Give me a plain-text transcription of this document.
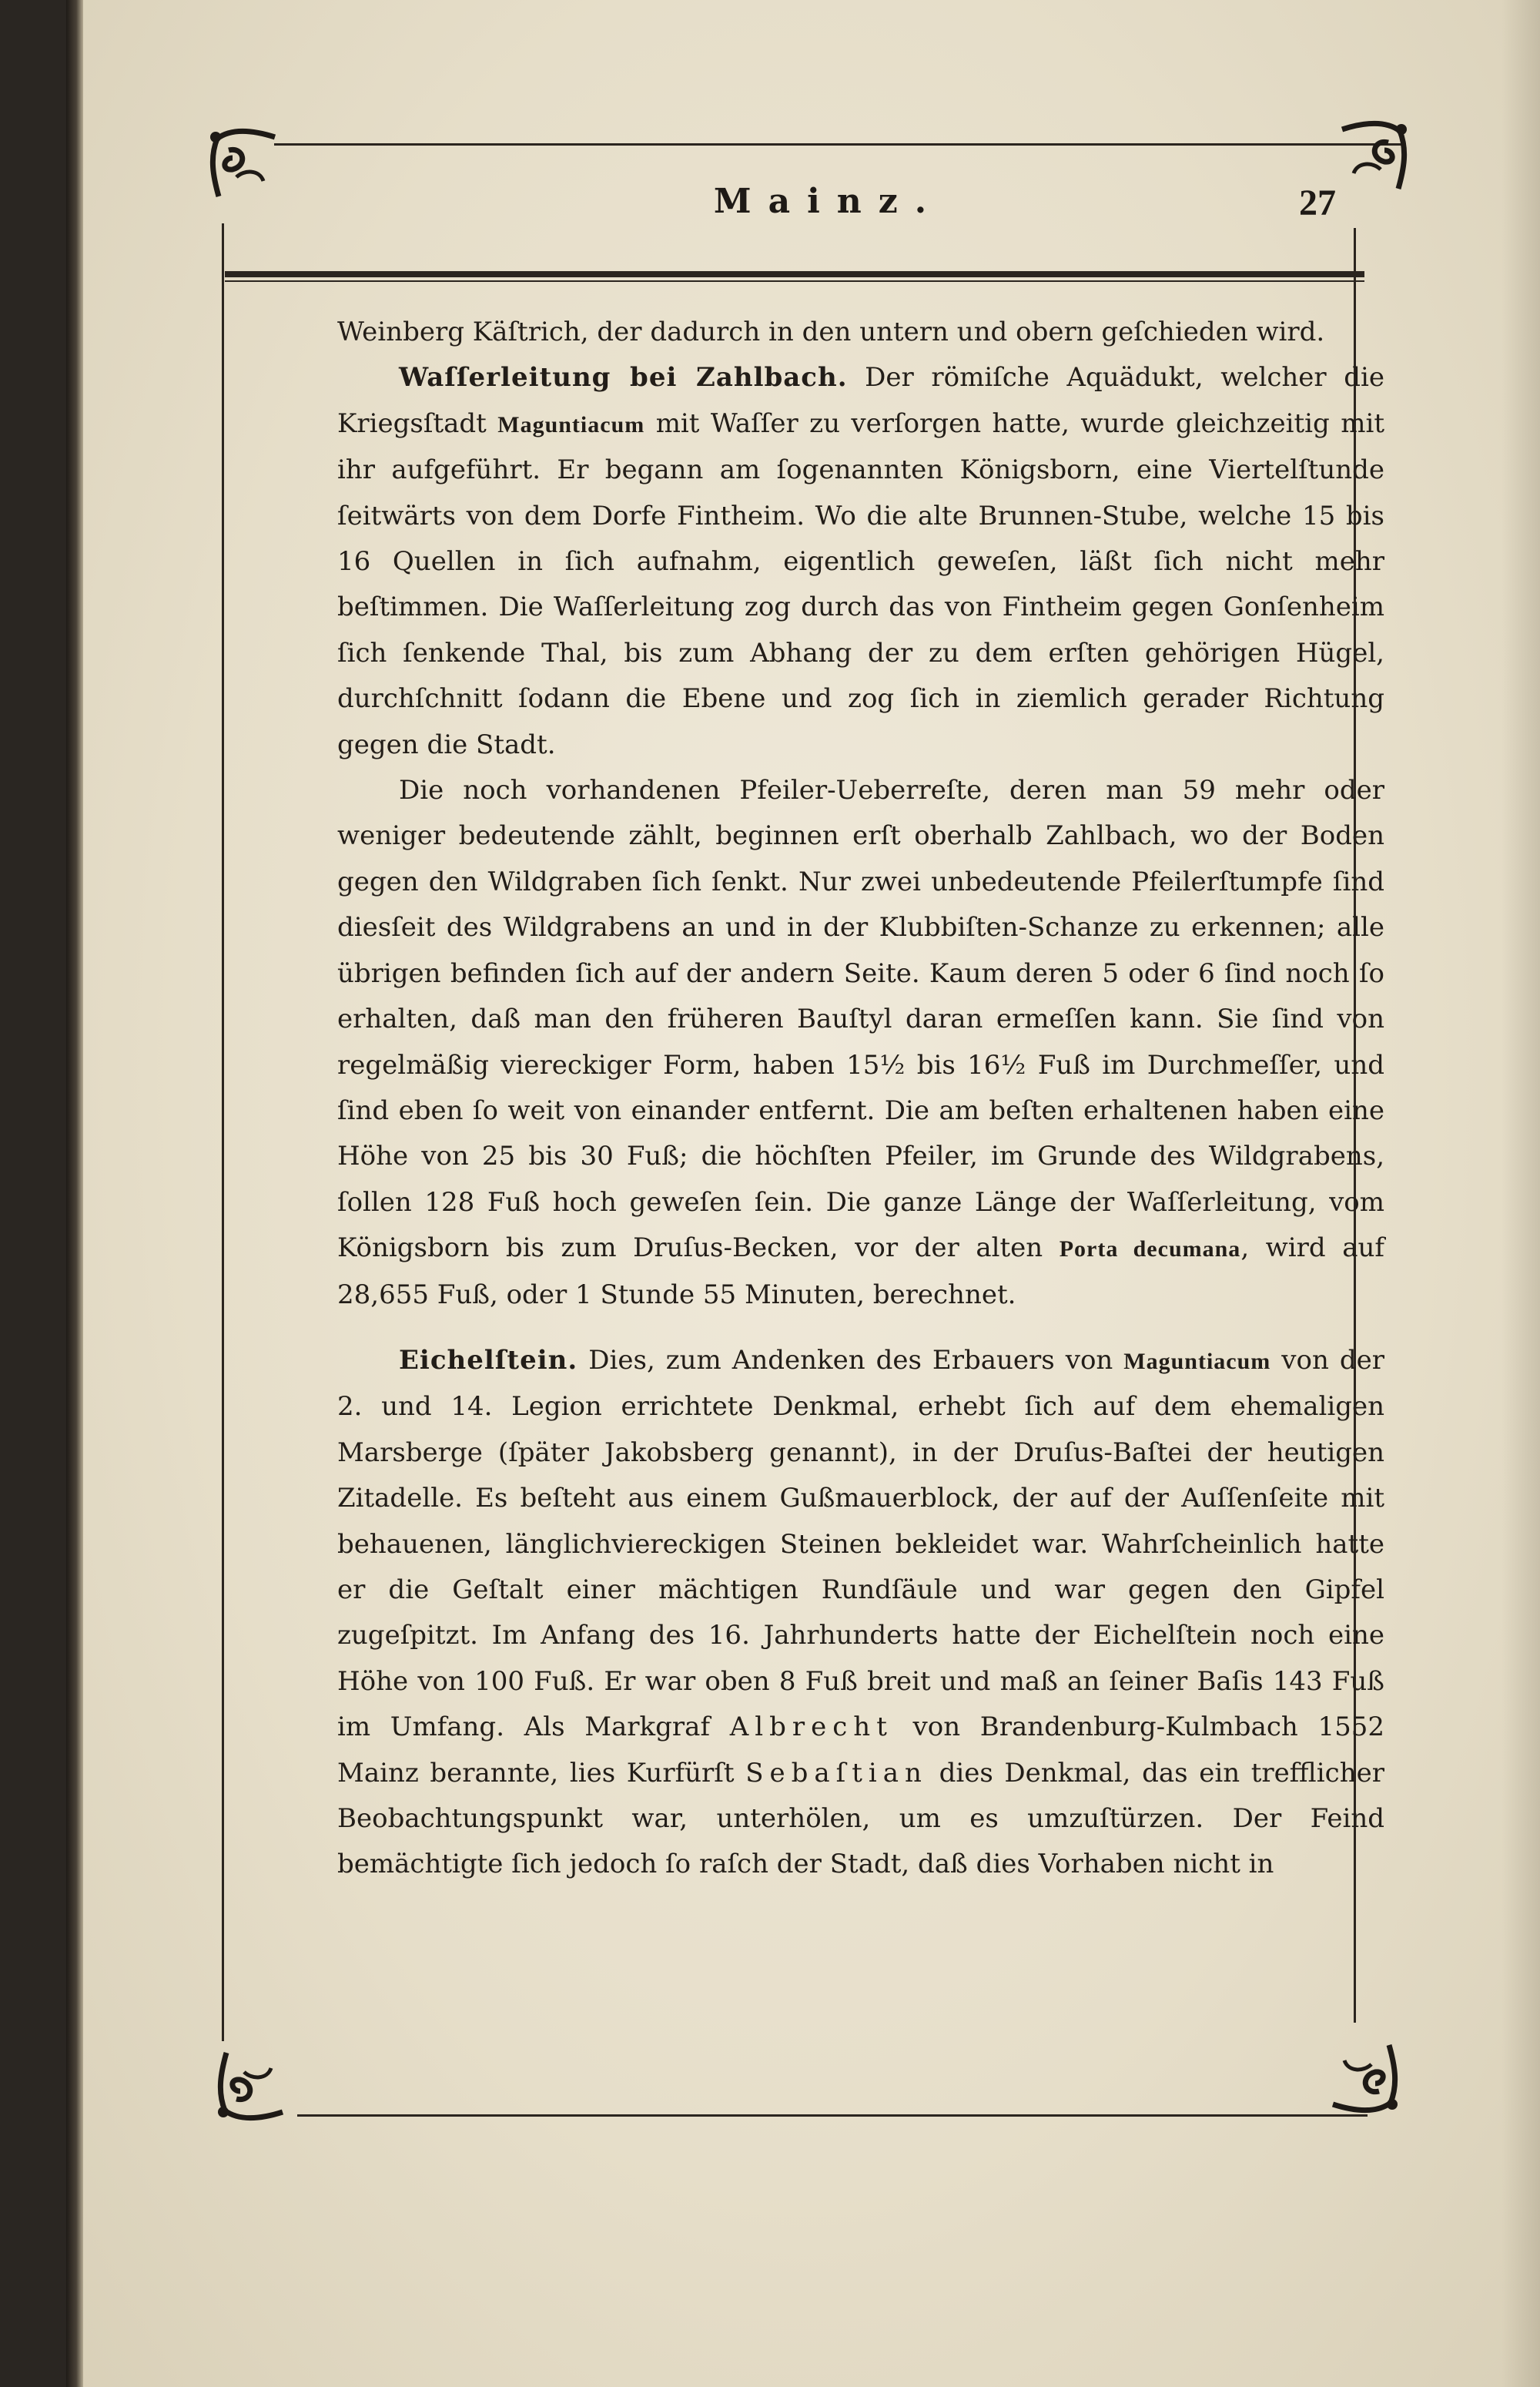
Mainz.	27

Weinberg Käſtrich, der dadurch in den untern und obern geſchieden wird.

Waſſerleitung bei Zahlbach. Der römiſche Aquädukt, welcher die Kriegsſtadt Maguntiacum mit Waſſer zu verſorgen hatte, wurde gleichzeitig mit ihr aufgeführt. Er begann am ſogenannten Königsborn, eine Viertelſtunde ſeitwärts von dem Dorfe Fintheim. Wo die alte Brunnen-Stube, welche 15 bis 16 Quellen in ſich aufnahm, eigentlich geweſen, läßt ſich nicht mehr beſtimmen. Die Waſſerleitung zog durch das von Fintheim gegen Gonſenheim ſich ſenkende Thal, bis zum Abhang der zu dem erſten gehörigen Hügel, durchſchnitt ſodann die Ebene und zog ſich in ziemlich gerader Richtung gegen die Stadt.

Die noch vorhandenen Pfeiler-Ueberreſte, deren man 59 mehr oder weniger bedeutende zählt, beginnen erſt oberhalb Zahlbach, wo der Boden gegen den Wildgraben ſich ſenkt. Nur zwei unbedeutende Pfeilerſtumpfe ſind diesſeit des Wildgrabens an und in der Klubbiſten-Schanze zu erkennen; alle übrigen befinden ſich auf der andern Seite. Kaum deren 5 oder 6 ſind noch ſo erhalten, daß man den früheren Bauſtyl daran ermeſſen kann. Sie ſind von regelmäßig viereckiger Form, haben 15½ bis 16½ Fuß im Durchmeſſer, und ſind eben ſo weit von einander entfernt. Die am beſten erhaltenen haben eine Höhe von 25 bis 30 Fuß; die höchſten Pfeiler, im Grunde des Wildgrabens, ſollen 128 Fuß hoch geweſen ſein. Die ganze Länge der Waſſerleitung, vom Königsborn bis zum Druſus-Becken, vor der alten Porta decumana, wird auf 28,655 Fuß, oder 1 Stunde 55 Minuten, berechnet.

Eichelſtein. Dies, zum Andenken des Erbauers von Maguntiacum von der 2. und 14. Legion errichtete Denkmal, erhebt ſich auf dem ehemaligen Marsberge (ſpäter Jakobsberg genannt), in der Druſus-Baſtei der heutigen Zitadelle. Es beſteht aus einem Gußmauerblock, der auf der Auſſenſeite mit behauenen, länglichviereckigen Steinen bekleidet war. Wahrſcheinlich hatte er die Geſtalt einer mächtigen Rundſäule und war gegen den Gipfel zugeſpitzt. Im Anfang des 16. Jahrhunderts hatte der Eichelſtein noch eine Höhe von 100 Fuß. Er war oben 8 Fuß breit und maß an ſeiner Baſis 143 Fuß im Umfang. Als Markgraf Albrecht von Brandenburg-Kulmbach 1552 Mainz berannte, lies Kurfürſt Sebaſtian dies Denkmal, das ein trefflicher Beobachtungspunkt war, unterhölen, um es umzuſtürzen. Der Feind bemächtigte ſich jedoch ſo raſch der Stadt, daß dies Vorhaben nicht in
